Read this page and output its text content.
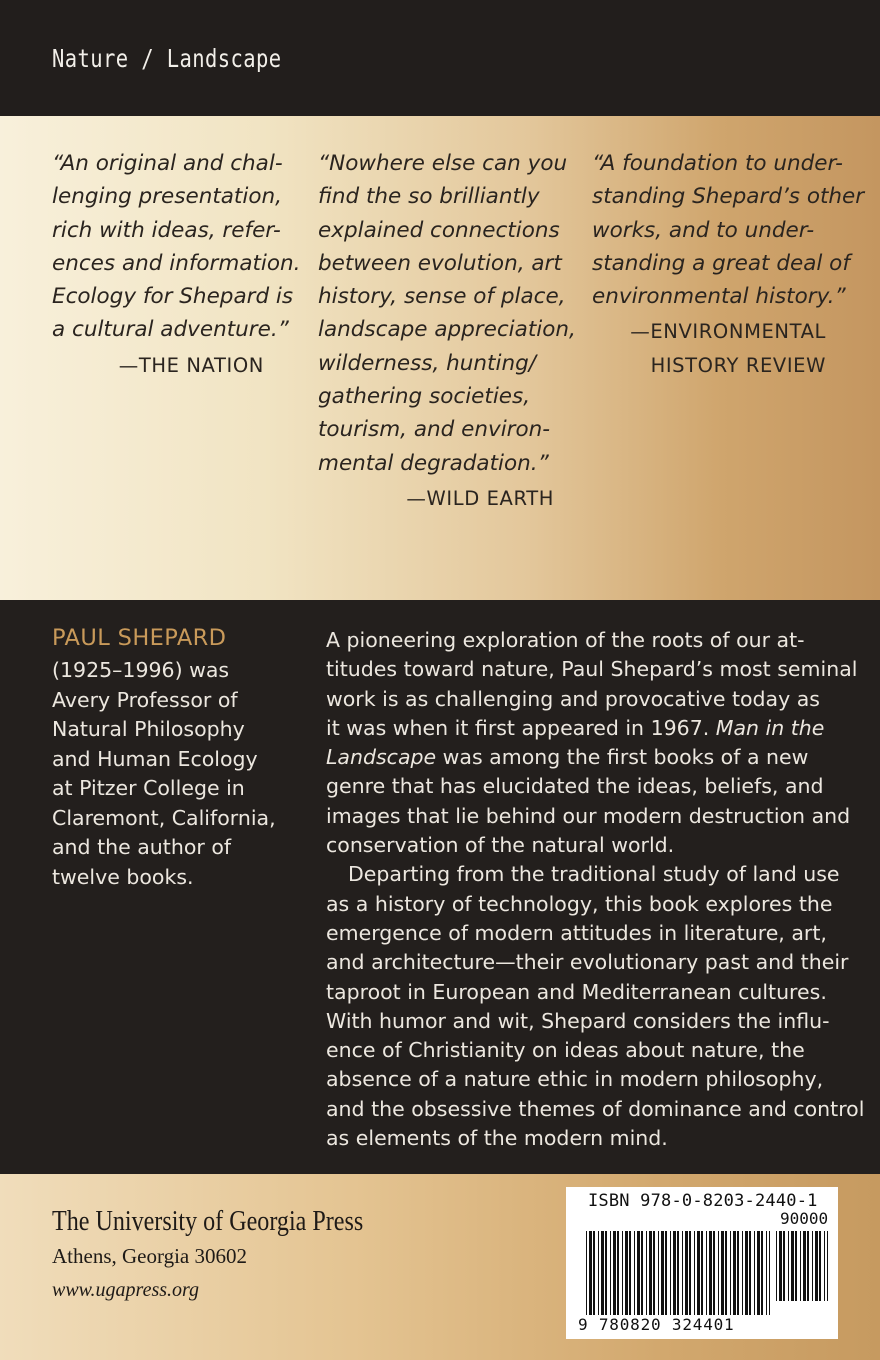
Nature / Landscape
“An original and chal-
lenging presentation,
rich with ideas, refer-
ences and information.
Ecology for Shepard is
a cultural adventure.”
—THE NATION
“Nowhere else can you
find the so brilliantly
explained connections
between evolution, art
history, sense of place,
landscape appreciation,
wilderness, hunting/
gathering societies,
tourism, and environ-
mental degradation.”
—WILD EARTH
“A foundation to under-
standing Shepard’s other
works, and to under-
standing a great deal of
environmental history.”
—ENVIRONMENTAL
HISTORY REVIEW
PAUL SHEPARD
(1925–1996) was
Avery Professor of
Natural Philosophy
and Human Ecology
at Pitzer College in
Claremont, California,
and the author of
twelve books.
A pioneering exploration of the roots of our at-
titudes toward nature, Paul Shepard’s most seminal
work is as challenging and provocative today as
it was when it first appeared in 1967. Man in the
Landscape was among the first books of a new
genre that has elucidated the ideas, beliefs, and
images that lie behind our modern destruction and
conservation of the natural world.
Departing from the traditional study of land use
as a history of technology, this book explores the
emergence of modern attitudes in literature, art,
and architecture—their evolutionary past and their
taproot in European and Mediterranean cultures.
With humor and wit, Shepard considers the influ-
ence of Christianity on ideas about nature, the
absence of a nature ethic in modern philosophy,
and the obsessive themes of dominance and control
as elements of the modern mind.
The University of Georgia Press
Athens, Georgia 30602
www.ugapress.org
ISBN 978-0-8203-2440-1
90000
9 780820 324401
